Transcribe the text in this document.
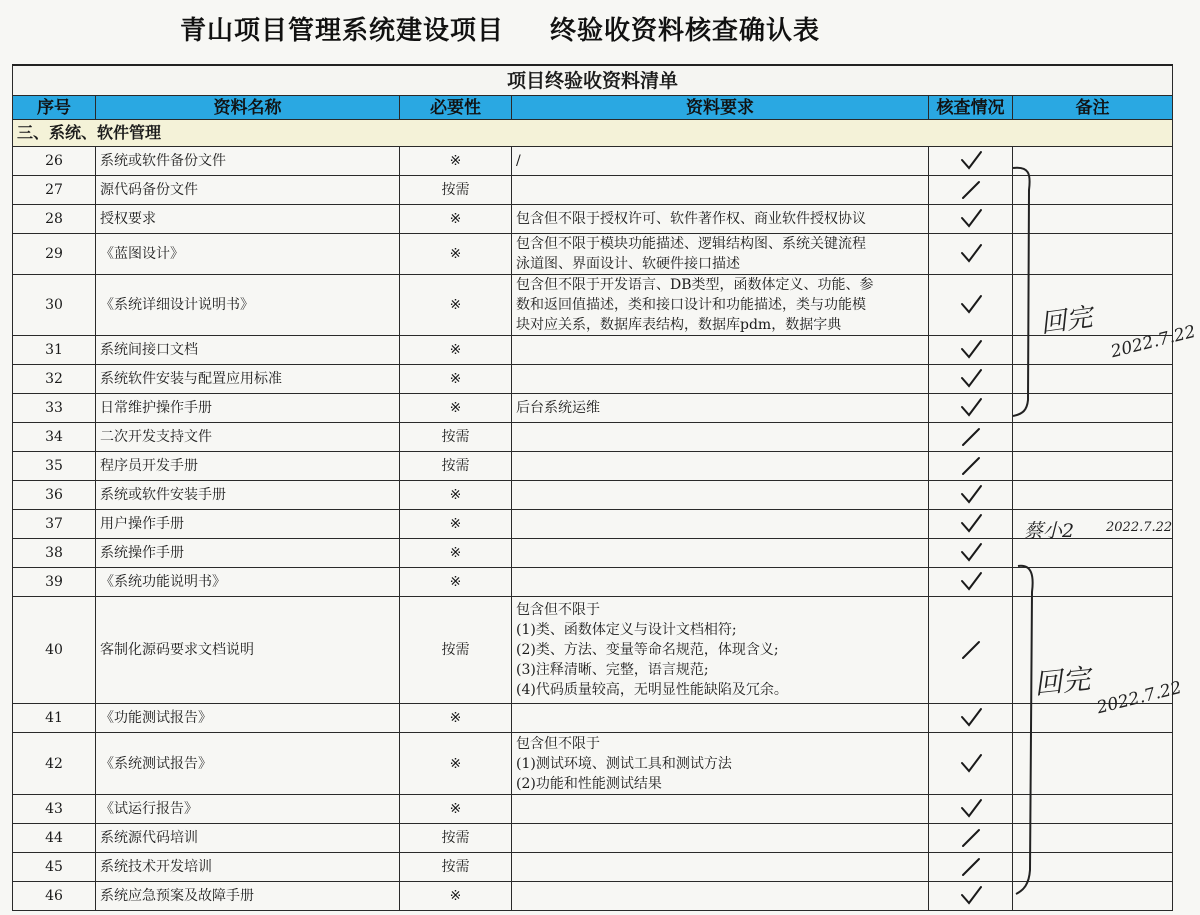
青山项目管理系统建设项目 终验收资料核查确认表
项目终验收资料清单					
序号	资料名称	必要性	资料要求	核查情况	备注
三、系统、软件管理					
26	系统或软件备份文件	※	/

27	源代码备份文件	按需		

28	授权要求	※	包含但不限于授权许可、软件著作权、商业软件授权协议

29	《蓝图设计》	※	包含但不限于模块功能描述、逻辑结构图、系统关键流程
泳道图、界面设计、软硬件接口描述

30	《系统详细设计说明书》	※	包含但不限于开发语言、DB类型，函数体定义、功能、参
数和返回值描述，类和接口设计和功能描述，类与功能模
块对应关系，数据库表结构，数据库pdm，数据字典

31	系统间接口文档	※		

32	系统软件安装与配置应用标准	※		

33	日常维护操作手册	※	后台系统运维

34	二次开发支持文件	按需		

35	程序员开发手册	按需		

36	系统或软件安装手册	※		

37	用户操作手册	※		

38	系统操作手册	※		

39	《系统功能说明书》	※		

40	客制化源码要求文档说明	按需	包含但不限于
(1)类、函数体定义与设计文档相符;
(2)类、方法、变量等命名规范，体现含义;
(3)注释清晰、完整，语言规范;
(4)代码质量较高，无明显性能缺陷及冗余。

41	《功能测试报告》	※		

42	《系统测试报告》	※	包含但不限于
(1)测试环境、测试工具和测试方法
(2)功能和性能测试结果

43	《试运行报告》	※		

44	系统源代码培训	按需		

45	系统技术开发培训	按需		

46	系统应急预案及故障手册	※		

回完
2022.7.22
蔡小2 2022.7.22
回完 2022.7.22
